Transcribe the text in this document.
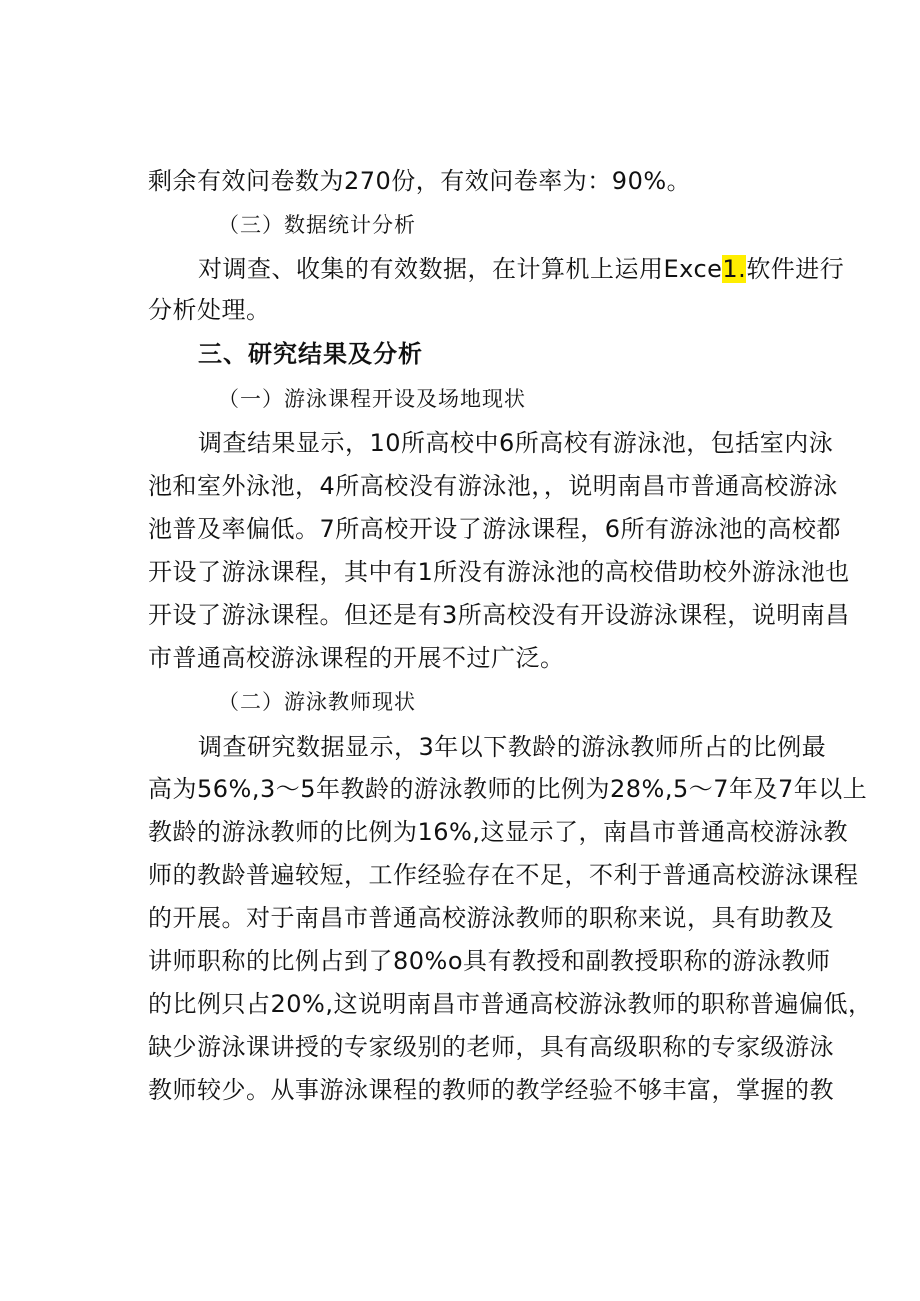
剩余有效问卷数为270份，有效问卷率为：90%。
（三）数据统计分析
对调查、收集的有效数据，在计算机上运用Exce1.软件进行
分析处理。
三、研究结果及分析
（一）游泳课程开设及场地现状
调查结果显示，10所高校中6所高校有游泳池，包括室内泳
池和室外泳池，4所高校没有游泳池，，说明南昌市普通高校游泳
池普及率偏低。7所高校开设了游泳课程，6所有游泳池的高校都
开设了游泳课程，其中有1所没有游泳池的高校借助校外游泳池也
开设了游泳课程。但还是有3所高校没有开设游泳课程，说明南昌
市普通高校游泳课程的开展不过广泛。
（二）游泳教师现状
调查研究数据显示，3年以下教龄的游泳教师所占的比例最
高为56%,3～5年教龄的游泳教师的比例为28%,5～7年及7年以上
教龄的游泳教师的比例为16%,这显示了，南昌市普通高校游泳教
师的教龄普遍较短，工作经验存在不足，不利于普通高校游泳课程
的开展。对于南昌市普通高校游泳教师的职称来说，具有助教及
讲师职称的比例占到了80%o具有教授和副教授职称的游泳教师
的比例只占20%,这说明南昌市普通高校游泳教师的职称普遍偏低，
缺少游泳课讲授的专家级别的老师，具有高级职称的专家级游泳
教师较少。从事游泳课程的教师的教学经验不够丰富，掌握的教
